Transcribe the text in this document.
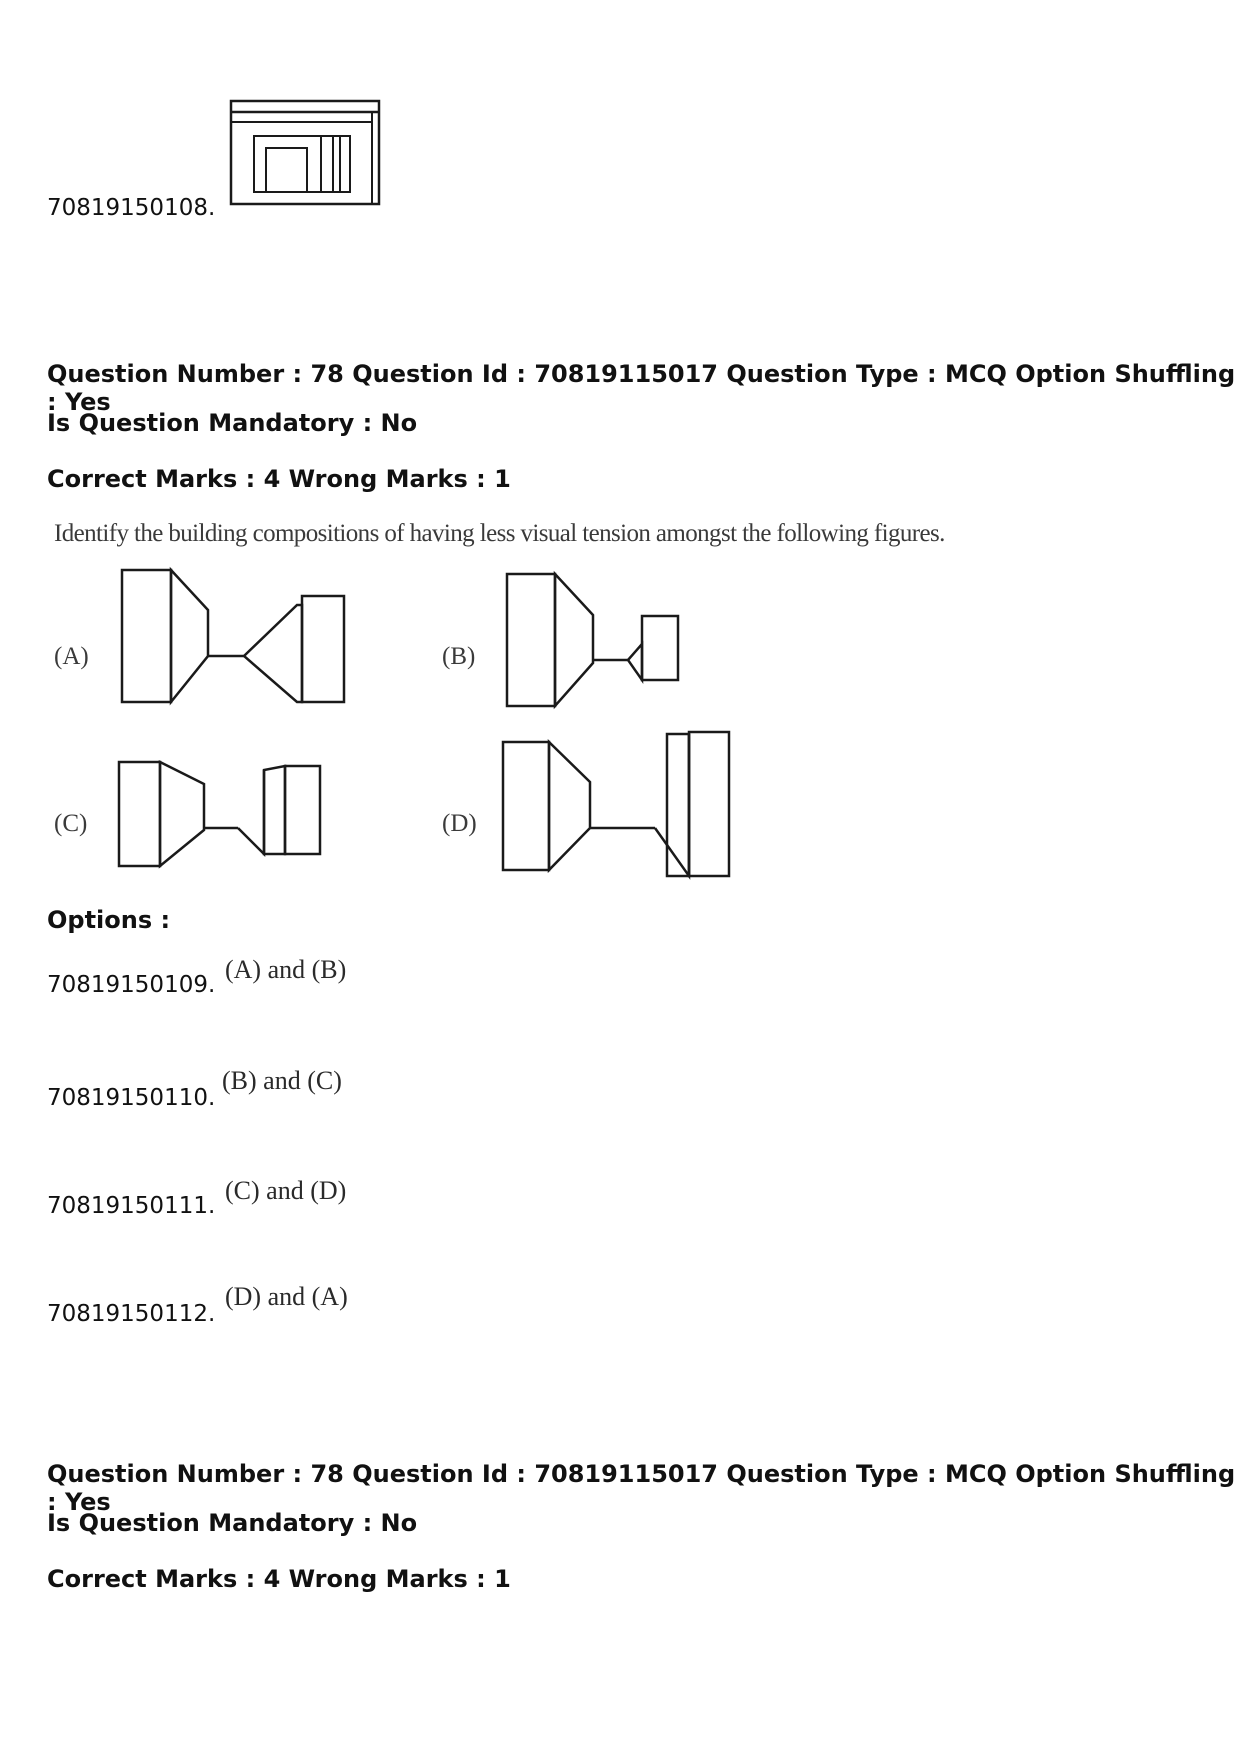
70819150108.
Question Number : 78 Question Id : 70819115017 Question Type : MCQ Option Shuffling : Yes
Is Question Mandatory : No
Correct Marks : 4 Wrong Marks : 1
Identify the building compositions of having less visual tension amongst the following figures.
(A)	(B)
(C)	(D)
Options :
70819150109.
(A) and (B)
70819150110.
(B) and (C)
70819150111.
(C) and (D)
70819150112.
(D) and (A)
Question Number : 78 Question Id : 70819115017 Question Type : MCQ Option Shuffling : Yes
Is Question Mandatory : No
Correct Marks : 4 Wrong Marks : 1
